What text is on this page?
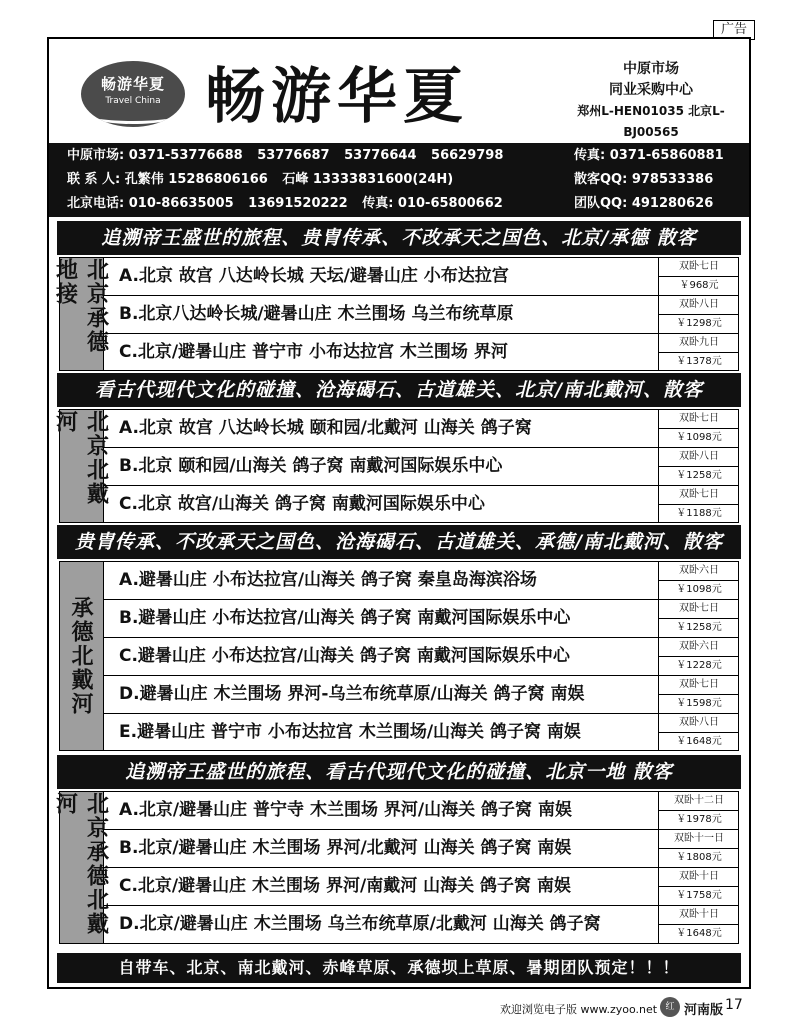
广告
畅游华夏
Travel China 畅游华夏	中原市场
同业采购中心
郑州L-HEN01035 北京L-BJ00565
中原市场: 0371-53776688 53776687 53776644 56629798	传真: 0371-65860881
联 系 人: 孔繁伟 15286806166 石峰 13333831600(24H)	散客QQ: 978533386
北京电话: 010-86635005 13691520222 传真: 010-65800662	团队QQ: 491280626
追溯帝王盛世的旅程、贵胄传承、不改承天之国色、北京/承德 散客
北京承德地接	A.北京 故宫 八达岭长城 天坛/避暑山庄 小布达拉宫	双卧七日
￥968元
B.北京八达岭长城/避暑山庄 木兰围场 乌兰布统草原	双卧八日
￥1298元
C.北京/避暑山庄 普宁市 小布达拉宫 木兰围场 界河	双卧九日
￥1378元
看古代现代文化的碰撞、沧海碣石、古道雄关、北京/南北戴河、散客
北京北戴河	A.北京 故宫 八达岭长城 颐和园/北戴河 山海关 鸽子窝	双卧七日
￥1098元
B.北京 颐和园/山海关 鸽子窝 南戴河国际娱乐中心	双卧八日
￥1258元
C.北京 故宫/山海关 鸽子窝 南戴河国际娱乐中心	双卧七日
￥1188元
贵胄传承、不改承天之国色、沧海碣石、古道雄关、承德/南北戴河、散客
承德北戴河
A.避暑山庄 小布达拉宫/山海关 鸽子窝 秦皇岛海滨浴场	双卧六日
￥1098元
B.避暑山庄 小布达拉宫/山海关 鸽子窝 南戴河国际娱乐中心	双卧七日
￥1258元
C.避暑山庄 小布达拉宫/山海关 鸽子窝 南戴河国际娱乐中心	双卧六日
￥1228元
D.避暑山庄 木兰围场 界河-乌兰布统草原/山海关 鸽子窝 南娱	双卧七日
￥1598元
E.避暑山庄 普宁市 小布达拉宫 木兰围场/山海关 鸽子窝 南娱	双卧八日
￥1648元
追溯帝王盛世的旅程、看古代现代文化的碰撞、北京一地 散客
北京承德北戴河	A.北京/避暑山庄 普宁寺 木兰围场 界河/山海关 鸽子窝 南娱	双卧十二日
￥1978元
B.北京/避暑山庄 木兰围场 界河/北戴河 山海关 鸽子窝 南娱	双卧十一日
￥1808元
C.北京/避暑山庄 木兰围场 界河/南戴河 山海关 鸽子窝 南娱	双卧十日
￥1758元
D.北京/避暑山庄 木兰围场 乌兰布统草原/北戴河 山海关 鸽子窝	双卧十日
￥1648元
自带车、北京、南北戴河、赤峰草原、承德坝上草原、暑期团队预定！！！
欢迎浏览电子版 www.zyoo.net 红 河南版 17
